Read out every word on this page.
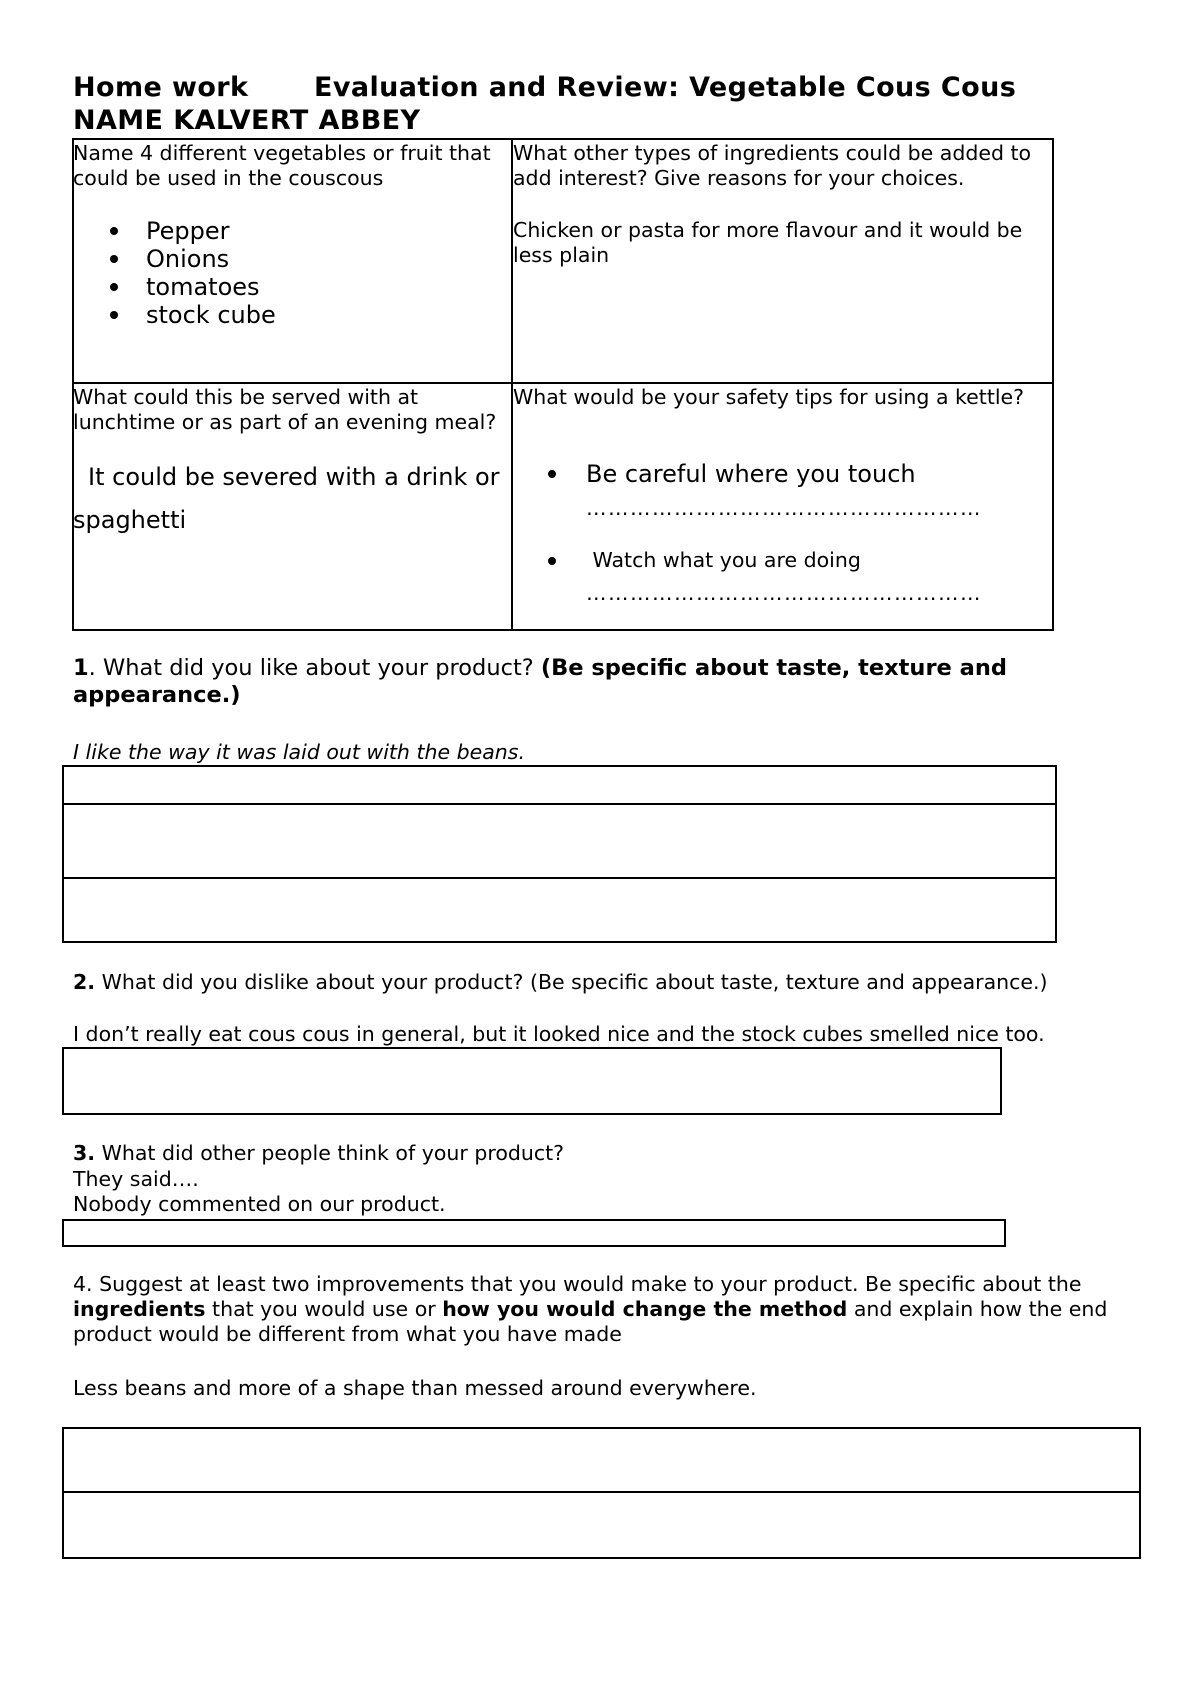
Home work Evaluation and Review: Vegetable Cous Cous
NAME KALVERT ABBEY
Name 4 different vegetables or fruit that could be used in the couscous
Pepper
Onions
tomatoes
stock cube
What other types of ingredients could be added to add interest? Give reasons for your choices.
Chicken or pasta for more flavour and it would be less plain
What could this be served with at lunchtime or as part of an evening meal?
It could be severed with a drink or
spaghetti
What would be your safety tips for using a kettle?
Be careful where you touch
………………………………………………
Watch what you are doing
………………………………………………
1. What did you like about your product? (Be specific about taste, texture and appearance.)
I like the way it was laid out with the beans.
2. What did you dislike about your product? (Be specific about taste, texture and appearance.)
I don’t really eat cous cous in general, but it looked nice and the stock cubes smelled nice too.
3. What did other people think of your product?
They said….
Nobody commented on our product.
4. Suggest at least two improvements that you would make to your product. Be specific about the ingredients that you would use or how you would change the method and explain how the end product would be different from what you have made
Less beans and more of a shape than messed around everywhere.
